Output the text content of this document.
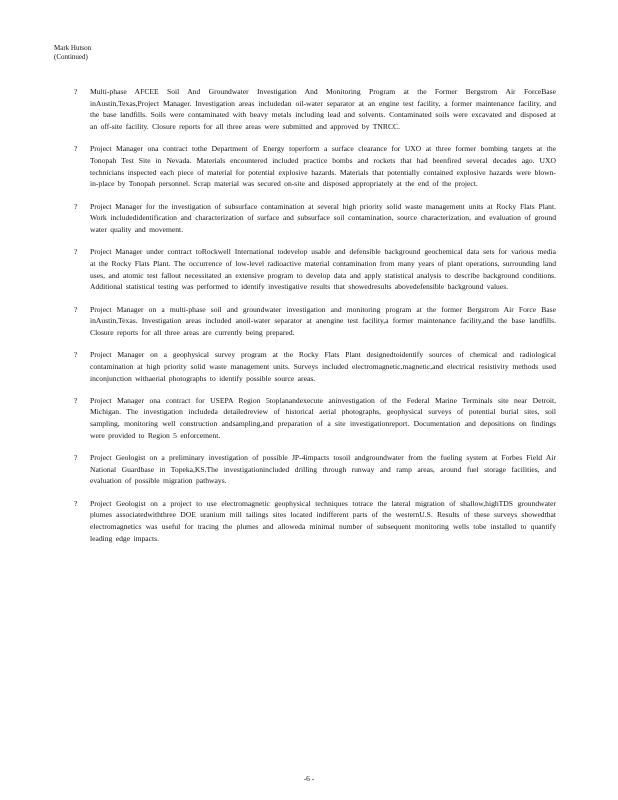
Mark Hutson
(Continued)
?	Multi-phase AFCEE Soil And Groundwater Investigation And Monitoring Program at the Former Bergstrom Air ForceBase inAustin,Texas,Project Manager. Investigation areas includedan oil-water separator at an engine test facility, a former maintenance facility, and the base landfills. Soils were contaminated with heavy metals including lead and solvents. Contaminated soils were excavated and disposed at an off-site facility. Closure reports for all three areas were submitted and approved by TNRCC.
?	Project Manager ona contract tothe Department of Energy toperform a surface clearance for UXO at three former bombing targets at the Tonopah Test Site in Nevada. Materials encountered included practice bombs and rockets that had beenfired several decades ago. UXO technicians inspected each piece of material for potential explosive hazards. Materials that potentially contained explosive hazards were blown-in-place by Tonopah personnel. Scrap material was secured on-site and disposed appropriately at the end of the project.
?	Project Manager for the investigation of subsurface contamination at several high priority solid waste management units at Rocky Flats Plant. Work includedidentification and characterization of surface and subsurface soil contamination, source characterization, and evaluation of ground water quality and movement.
?	Project Manager under contract toRockwell International todevelop usable and defensible background geochemical data sets for various media at the Rocky Flats Plant. The occurrence of low-level radioactive material contamination from many years of plant operations, surrounding land uses, and atomic test fallout necessitated an extensive program to develop data and apply statistical analysis to describe background conditions. Additional statistical testing was performed to identify investigative results that showedresults abovedefensible background values.
?	Project Manager on a multi-phase soil and groundwater investigation and monitoring program at the former Bergstrom Air Force Base inAustin,Texas. Investigation areas included anoil-water separator at anengine test facility,a former maintenance facility,and the base landfills. Closure reports for all three areas are currently being prepared.
?	Project Manager on a geophysical survey program at the Rocky Flats Plant designedtoidentify sources of chemical and radiological contamination at high priority solid waste management units. Surveys included electromagnetic,magnetic,and electrical resistivity methods used inconjunction withaerial photographs to identify possible source areas.
?	Project Manager ona contract for USEPA Region 5toplanandexecute aninvestigation of the Federal Marine Terminals site near Detroit, Michigan. The investigation includeda detailedreview of historical aerial photographs, geophysical surveys of potential burial sites, soil sampling, monitoring well construction andsampling,and preparation of a site investigationreport. Documentation and depositions on findings were provided to Region 5 enforcement.
?	Project Geologist on a preliminary investigation of possible JP-4impacts tosoil andgroundwater from the fueling system at Forbes Field Air National Guardbase in Topeka,KS.The investigationincluded drilling through runway and ramp areas, around fuel storage facilities, and evaluation of possible migration pathways.
?	Project Geologist on a project to use electromagnetic geophysical techniques totrace the lateral migration of shallow,highTDS groundwater plumes associatedwiththree DOE uranium mill tailings sites located indifferent parts of the westernU.S. Results of these surveys showedthat electromagnetics was useful for tracing the plumes and alloweda minimal number of subsequent monitoring wells tobe installed to quantify leading edge impacts.
-6 -
